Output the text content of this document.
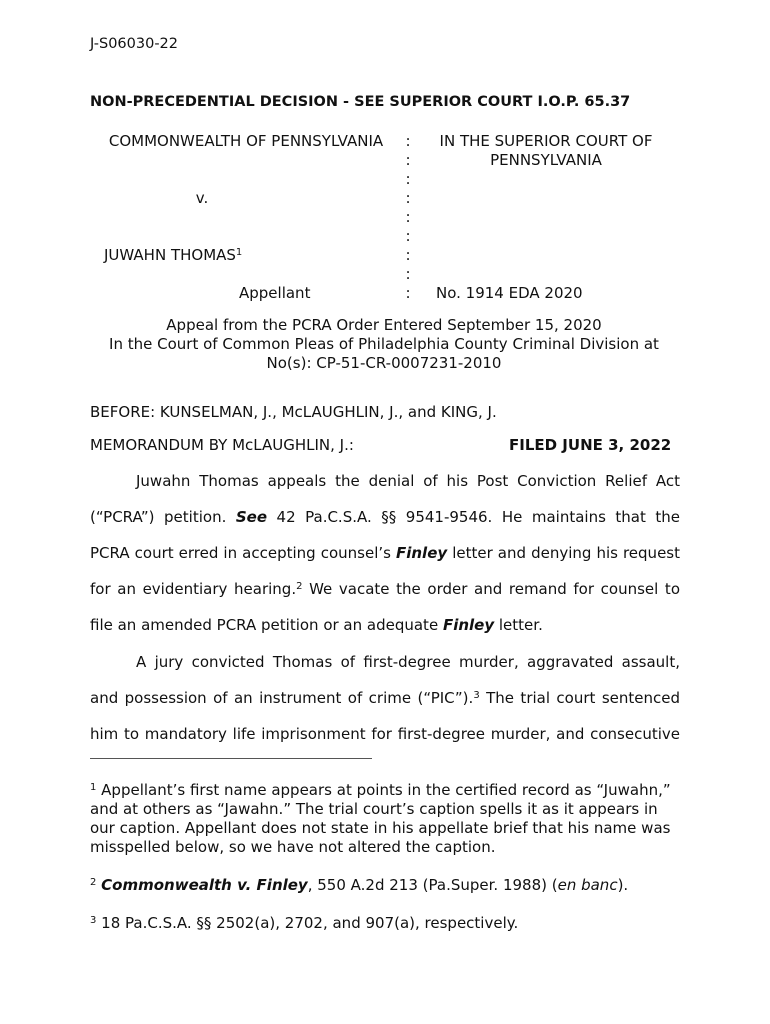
J-S06030-22
NON-PRECEDENTIAL DECISION - SEE SUPERIOR COURT I.O.P. 65.37
COMMONWEALTH OF PENNSYLVANIA
v.
JUWAHN THOMAS$^1$
Appellant
:
:
:
:
:
:
:
:
:
IN THE SUPERIOR COURT OF
PENNSYLVANIA
No. 1914 EDA 2020
Appeal from the PCRA Order Entered September 15, 2020
In the Court of Common Pleas of Philadelphia County Criminal Division at
No(s): CP-51-CR-0007231-2010
BEFORE: KUNSELMAN, J., McLAUGHLIN, J., and KING, J.
MEMORANDUM BY McLAUGHLIN, J.:	FILED JUNE 3, 2022
Juwahn Thomas appeals the denial of his Post Conviction Relief Act
(“PCRA”) petition. See 42 Pa.C.S.A. §§ 9541-9546. He maintains that the
PCRA court erred in accepting counsel’s Finley letter and denying his request
for an evidentiary hearing.$^2$ We vacate the order and remand for counsel to
file an amended PCRA petition or an adequate Finley letter.
A jury convicted Thomas of first-degree murder, aggravated assault,
and possession of an instrument of crime (“PIC”).$^3$ The trial court sentenced
him to mandatory life imprisonment for first-degree murder, and consecutive
$^1$ Appellant’s first name appears at points in the certified record as “Juwahn,” and at others as “Jawahn.” The trial court’s caption spells it as it appears in our caption. Appellant does not state in his appellate brief that his name was misspelled below, so we have not altered the caption.
$^2$ Commonwealth v. Finley, 550 A.2d 213 (Pa.Super. 1988) (en banc).
$^3$ 18 Pa.C.S.A. §§ 2502(a), 2702, and 907(a), respectively.
